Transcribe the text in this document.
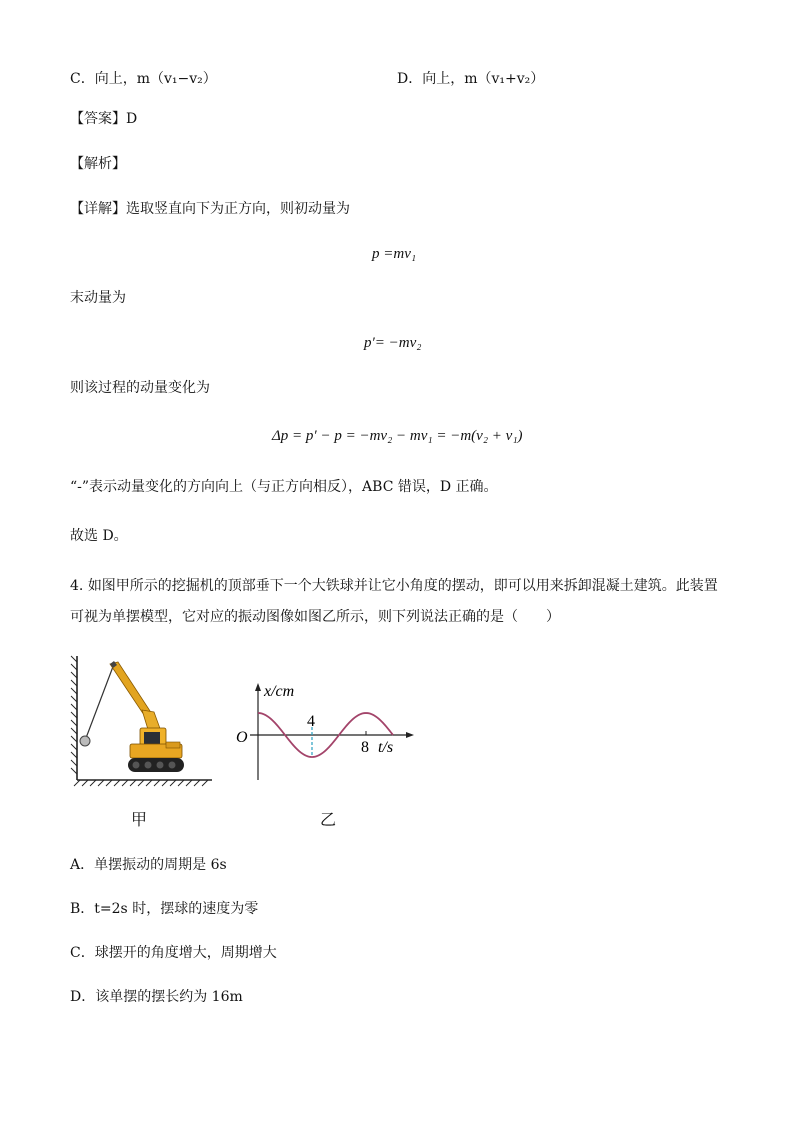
C．向上，m（v₁−v₂）	D．向上，m（v₁+v₂）
【答案】D
【解析】
【详解】选取竖直向下为正方向，则初动量为
p =mv₁
末动量为
p′= −mv₂
则该过程的动量变化为
Δp = p′ − p = −mv₂ − mv₁ = −m(v₂ + v₁)
“-”表示动量变化的方向向上（与正方向相反），ABC 错误，D 正确。
故选 D。
4. 如图甲所示的挖掘机的顶部垂下一个大铁球并让它小角度的摆动，即可以用来拆卸混凝土建筑。此装置
可视为单摆模型，它对应的振动图像如图乙所示，则下列说法正确的是（　　）
甲
x/cm
t/s
O
4
8
乙
A．单摆振动的周期是 6s
B．t=2s 时，摆球的速度为零
C．球摆开的角度增大，周期增大
D．该单摆的摆长约为 16m
